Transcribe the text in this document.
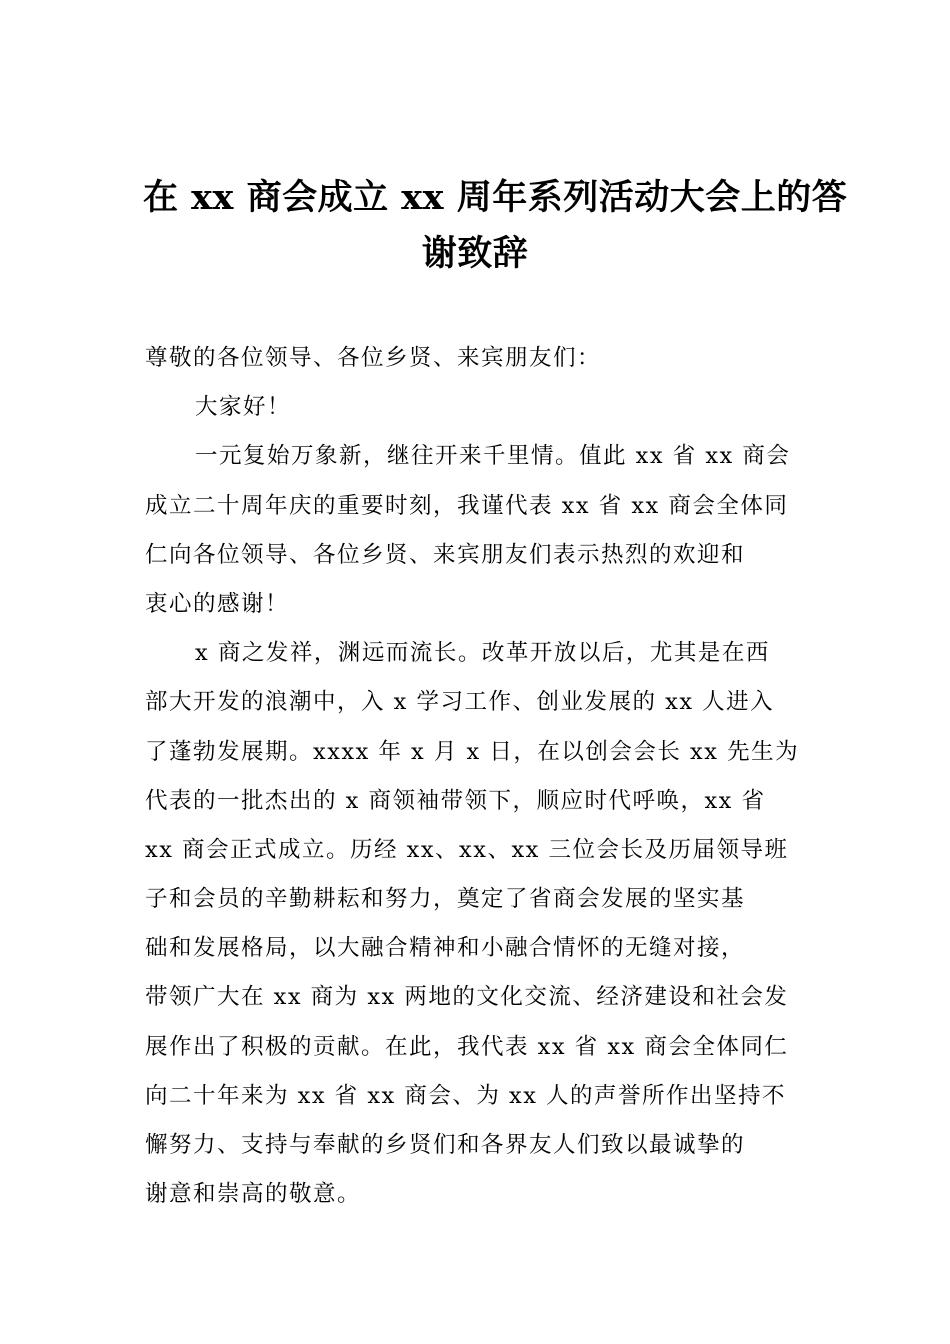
在 xx 商会成立 xx 周年系列活动大会上的答
谢致辞
尊敬的各位领导、各位乡贤、来宾朋友们：
大家好！
一元复始万象新，继往开来千里情。值此 xx 省 xx 商会
成立二十周年庆的重要时刻，我谨代表 xx 省 xx 商会全体同
仁向各位领导、各位乡贤、来宾朋友们表示热烈的欢迎和
衷心的感谢！
x 商之发祥，渊远而流长。改革开放以后，尤其是在西
部大开发的浪潮中，入 x 学习工作、创业发展的 xx 人进入
了蓬勃发展期。xxxx 年 x 月 x 日，在以创会会长 xx 先生为
代表的一批杰出的 x 商领袖带领下，顺应时代呼唤，xx 省
xx 商会正式成立。历经 xx、xx、xx 三位会长及历届领导班
子和会员的辛勤耕耘和努力，奠定了省商会发展的坚实基
础和发展格局，以大融合精神和小融合情怀的无缝对接，
带领广大在 xx 商为 xx 两地的文化交流、经济建设和社会发
展作出了积极的贡献。在此，我代表 xx 省 xx 商会全体同仁
向二十年来为 xx 省 xx 商会、为 xx 人的声誉所作出坚持不
懈努力、支持与奉献的乡贤们和各界友人们致以最诚挚的
谢意和崇高的敬意。
